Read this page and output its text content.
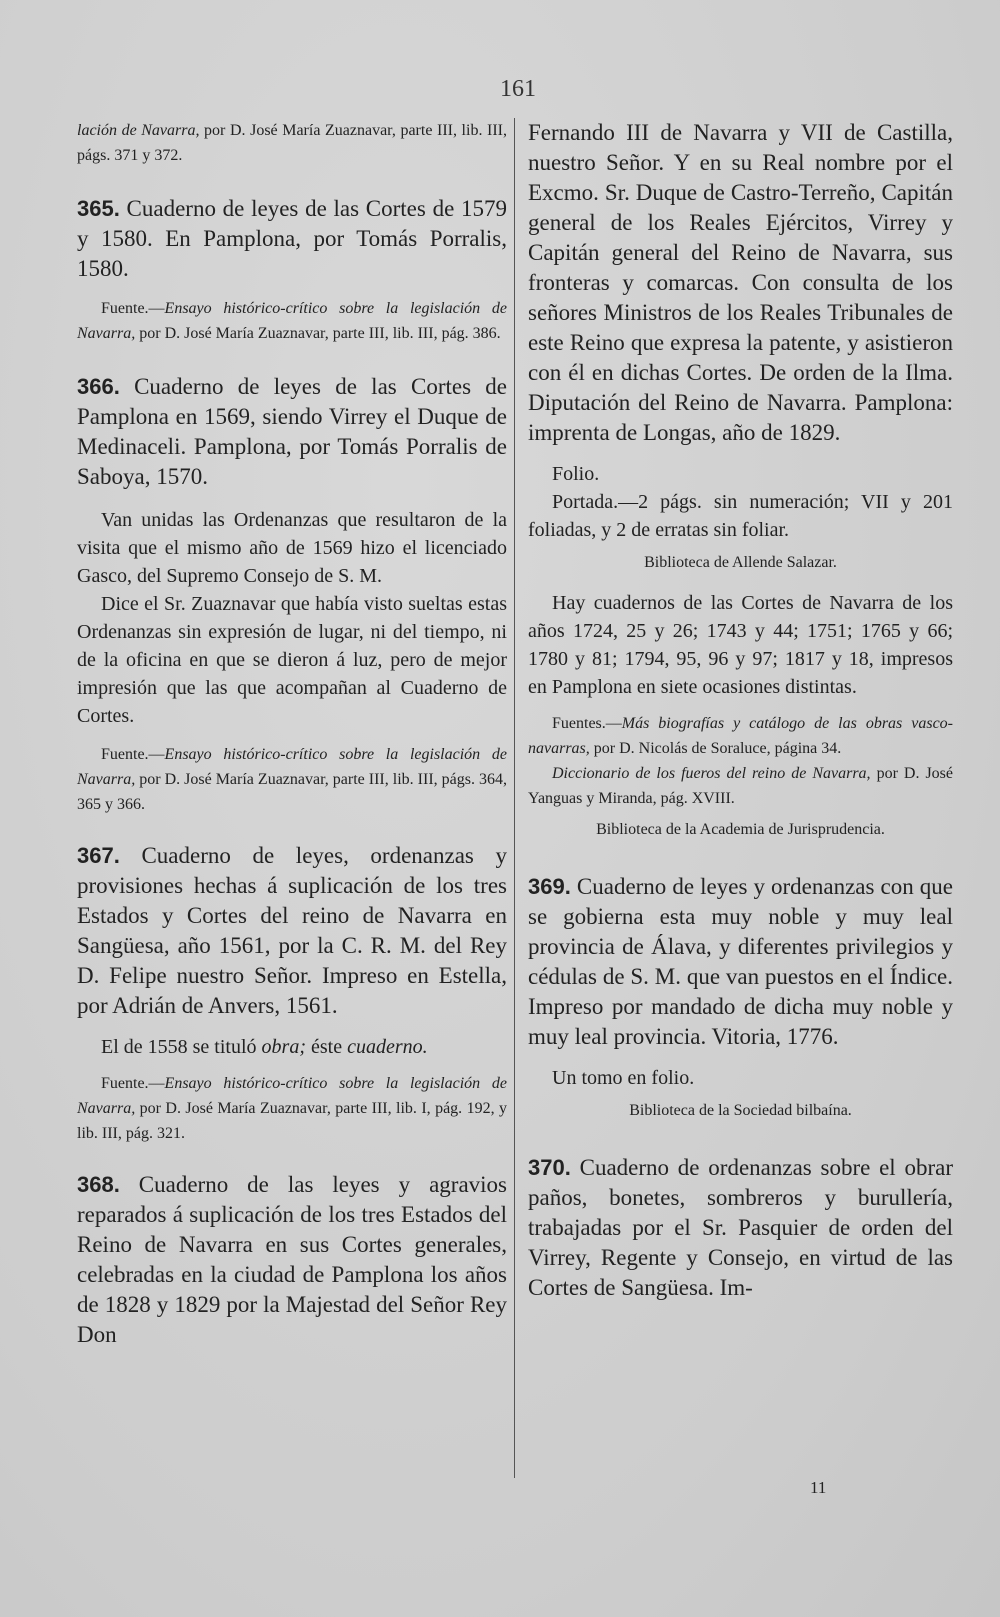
161

lación de Navarra, por D. José María Zuaznavar, parte III, lib. III, págs. 371 y 372.

365. Cuaderno de leyes de las Cortes de 1579 y 1580. En Pamplona, por Tomás Porralis, 1580.

Fuente.—Ensayo histórico-crítico sobre la legislación de Navarra, por D. José María Zuaznavar, parte III, lib. III, pág. 386.

366. Cuaderno de leyes de las Cortes de Pamplona en 1569, siendo Virrey el Duque de Medinaceli. Pamplona, por Tomás Porralis de Saboya, 1570.

Van unidas las Ordenanzas que resultaron de la visita que el mismo año de 1569 hizo el licenciado Gasco, del Supremo Consejo de S. M.

Dice el Sr. Zuaznavar que había visto sueltas estas Ordenanzas sin expresión de lugar, ni del tiempo, ni de la oficina en que se dieron á luz, pero de mejor impresión que las que acompañan al Cuaderno de Cortes.

Fuente.—Ensayo histórico-crítico sobre la legislación de Navarra, por D. José María Zuaznavar, parte III, lib. III, págs. 364, 365 y 366.

367. Cuaderno de leyes, ordenanzas y provisiones hechas á suplicación de los tres Estados y Cortes del reino de Navarra en Sangüesa, año 1561, por la C. R. M. del Rey D. Felipe nuestro Señor. Impreso en Estella, por Adrián de Anvers, 1561.

El de 1558 se tituló obra; éste cuaderno.

Fuente.—Ensayo histórico-crítico sobre la legislación de Navarra, por D. José María Zuaznavar, parte III, lib. I, pág. 192, y lib. III, pág. 321.

368. Cuaderno de las leyes y agravios reparados á suplicación de los tres Estados del Reino de Navarra en sus Cortes generales, celebradas en la ciudad de Pamplona los años de 1828 y 1829 por la Majestad del Señor Rey Don

Fernando III de Navarra y VII de Castilla, nuestro Señor. Y en su Real nombre por el Excmo. Sr. Duque de Castro-Terreño, Capitán general de los Reales Ejércitos, Virrey y Capitán general del Reino de Navarra, sus fronteras y comarcas. Con consulta de los señores Ministros de los Reales Tribunales de este Reino que expresa la patente, y asistieron con él en dichas Cortes. De orden de la Ilma. Diputación del Reino de Navarra. Pamplona: imprenta de Longas, año de 1829.

Folio.

Portada.—2 págs. sin numeración; VII y 201 foliadas, y 2 de erratas sin foliar.

Biblioteca de Allende Salazar.

Hay cuadernos de las Cortes de Navarra de los años 1724, 25 y 26; 1743 y 44; 1751; 1765 y 66; 1780 y 81; 1794, 95, 96 y 97; 1817 y 18, impresos en Pamplona en siete ocasiones distintas.

Fuentes.—Más biografías y catálogo de las obras vasco-navarras, por D. Nicolás de Soraluce, página 34.

Diccionario de los fueros del reino de Navarra, por D. José Yanguas y Miranda, pág. XVIII.

Biblioteca de la Academia de Jurisprudencia.

369. Cuaderno de leyes y ordenanzas con que se gobierna esta muy noble y muy leal provincia de Álava, y diferentes privilegios y cédulas de S. M. que van puestos en el Índice. Impreso por mandado de dicha muy noble y muy leal provincia. Vitoria, 1776.

Un tomo en folio.

Biblioteca de la Sociedad bilbaína.

370. Cuaderno de ordenanzas sobre el obrar paños, bonetes, sombreros y burullería, trabajadas por el Sr. Pasquier de orden del Virrey, Regente y Consejo, en virtud de las Cortes de Sangüesa. Im-

11
